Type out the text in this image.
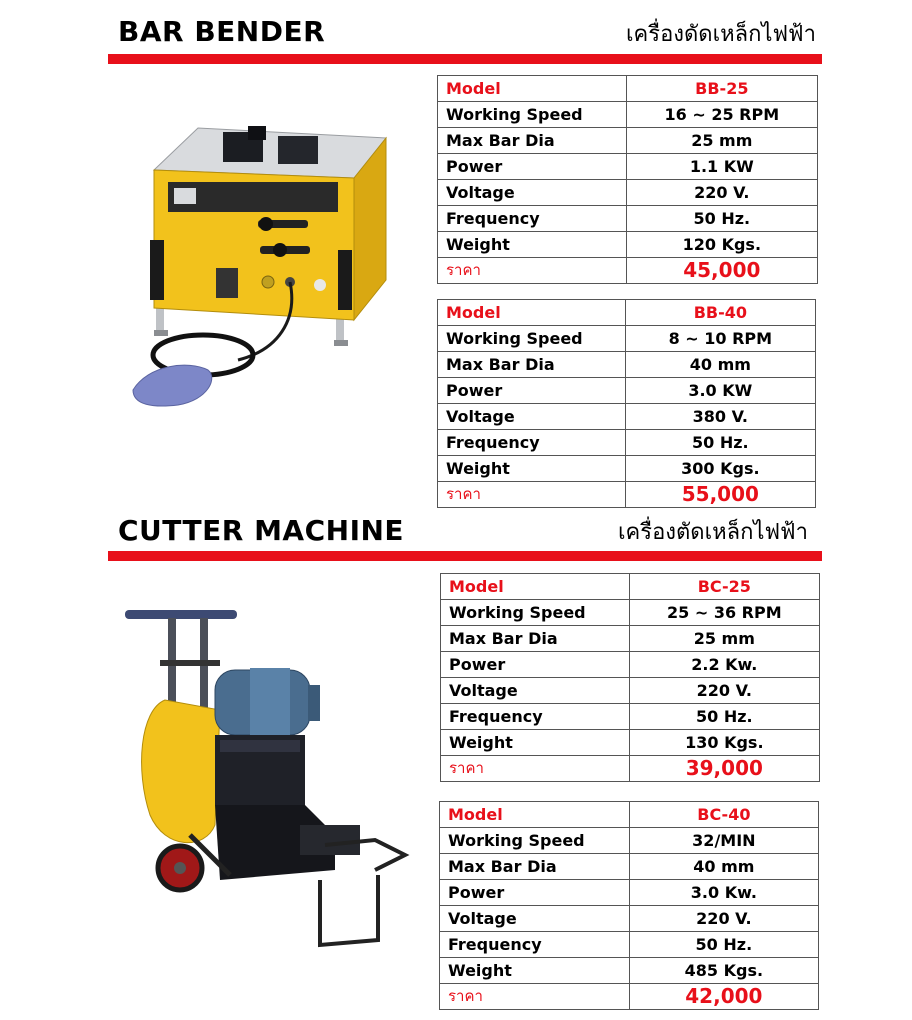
BAR BENDER	เครื่องดัดเหล็กไฟฟ้า
Model	BB-25
Working Speed	16 ~ 25 RPM
Max Bar Dia	25 mm
Power	1.1 KW
Voltage	220 V.
Frequency	50 Hz.
Weight	120 Kgs.
ราคา	45,000
Model	BB-40
Working Speed	8 ~ 10 RPM
Max Bar Dia	40 mm
Power	3.0 KW
Voltage	380 V.
Frequency	50 Hz.
Weight	300 Kgs.
ราคา	55,000
CUTTER MACHINE	เครื่องตัดเหล็กไฟฟ้า
Model	BC-25
Working Speed	25 ~ 36 RPM
Max Bar Dia	25 mm
Power	2.2 Kw.
Voltage	220 V.
Frequency	50 Hz.
Weight	130 Kgs.
ราคา	39,000
Model	BC-40
Working Speed	32/MIN
Max Bar Dia	40 mm
Power	3.0 Kw.
Voltage	220 V.
Frequency	50 Hz.
Weight	485 Kgs.
ราคา	42,000
